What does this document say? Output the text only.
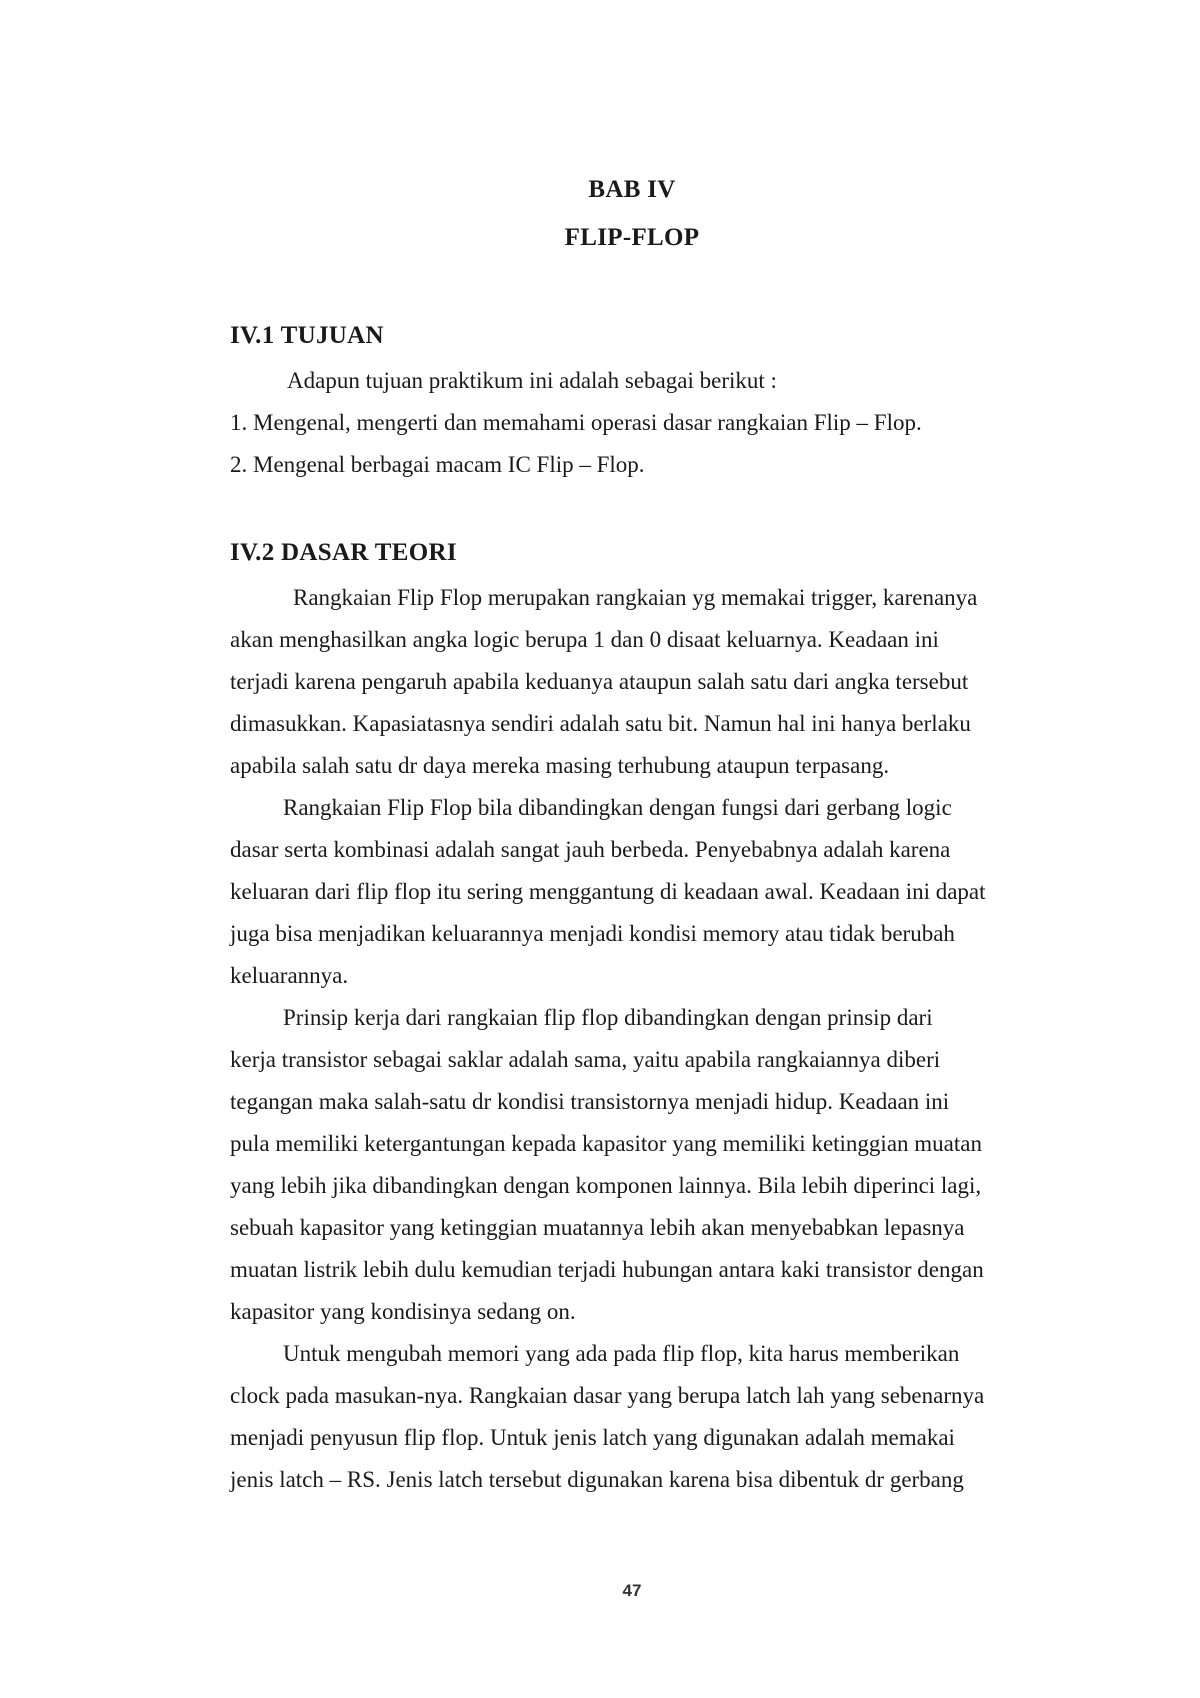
BAB IV
FLIP-FLOP
IV.1 TUJUAN
Adapun tujuan praktikum ini adalah sebagai berikut :
1. Mengenal, mengerti dan memahami operasi dasar rangkaian Flip – Flop.
2. Mengenal berbagai macam IC Flip – Flop.
IV.2 DASAR TEORI
Rangkaian Flip Flop merupakan rangkaian yg memakai trigger, karenanya
akan menghasilkan angka logic berupa 1 dan 0 disaat keluarnya. Keadaan ini
terjadi karena pengaruh apabila keduanya ataupun salah satu dari angka tersebut
dimasukkan. Kapasiatasnya sendiri adalah satu bit. Namun hal ini hanya berlaku
apabila salah satu dr daya mereka masing terhubung ataupun terpasang.
Rangkaian Flip Flop bila dibandingkan dengan fungsi dari gerbang logic
dasar serta kombinasi adalah sangat jauh berbeda. Penyebabnya adalah karena
keluaran dari flip flop itu sering menggantung di keadaan awal. Keadaan ini dapat
juga bisa menjadikan keluarannya menjadi kondisi memory atau tidak berubah
keluarannya.
Prinsip kerja dari rangkaian flip flop dibandingkan dengan prinsip dari
kerja transistor sebagai saklar adalah sama, yaitu apabila rangkaiannya diberi
tegangan maka salah-satu dr kondisi transistornya menjadi hidup. Keadaan ini
pula memiliki ketergantungan kepada kapasitor yang memiliki ketinggian muatan
yang lebih jika dibandingkan dengan komponen lainnya. Bila lebih diperinci lagi,
sebuah kapasitor yang ketinggian muatannya lebih akan menyebabkan lepasnya
muatan listrik lebih dulu kemudian terjadi hubungan antara kaki transistor dengan
kapasitor yang kondisinya sedang on.
Untuk mengubah memori yang ada pada flip flop, kita harus memberikan
clock pada masukan-nya. Rangkaian dasar yang berupa latch lah yang sebenarnya
menjadi penyusun flip flop. Untuk jenis latch yang digunakan adalah memakai
jenis latch – RS. Jenis latch tersebut digunakan karena bisa dibentuk dr gerbang
47
